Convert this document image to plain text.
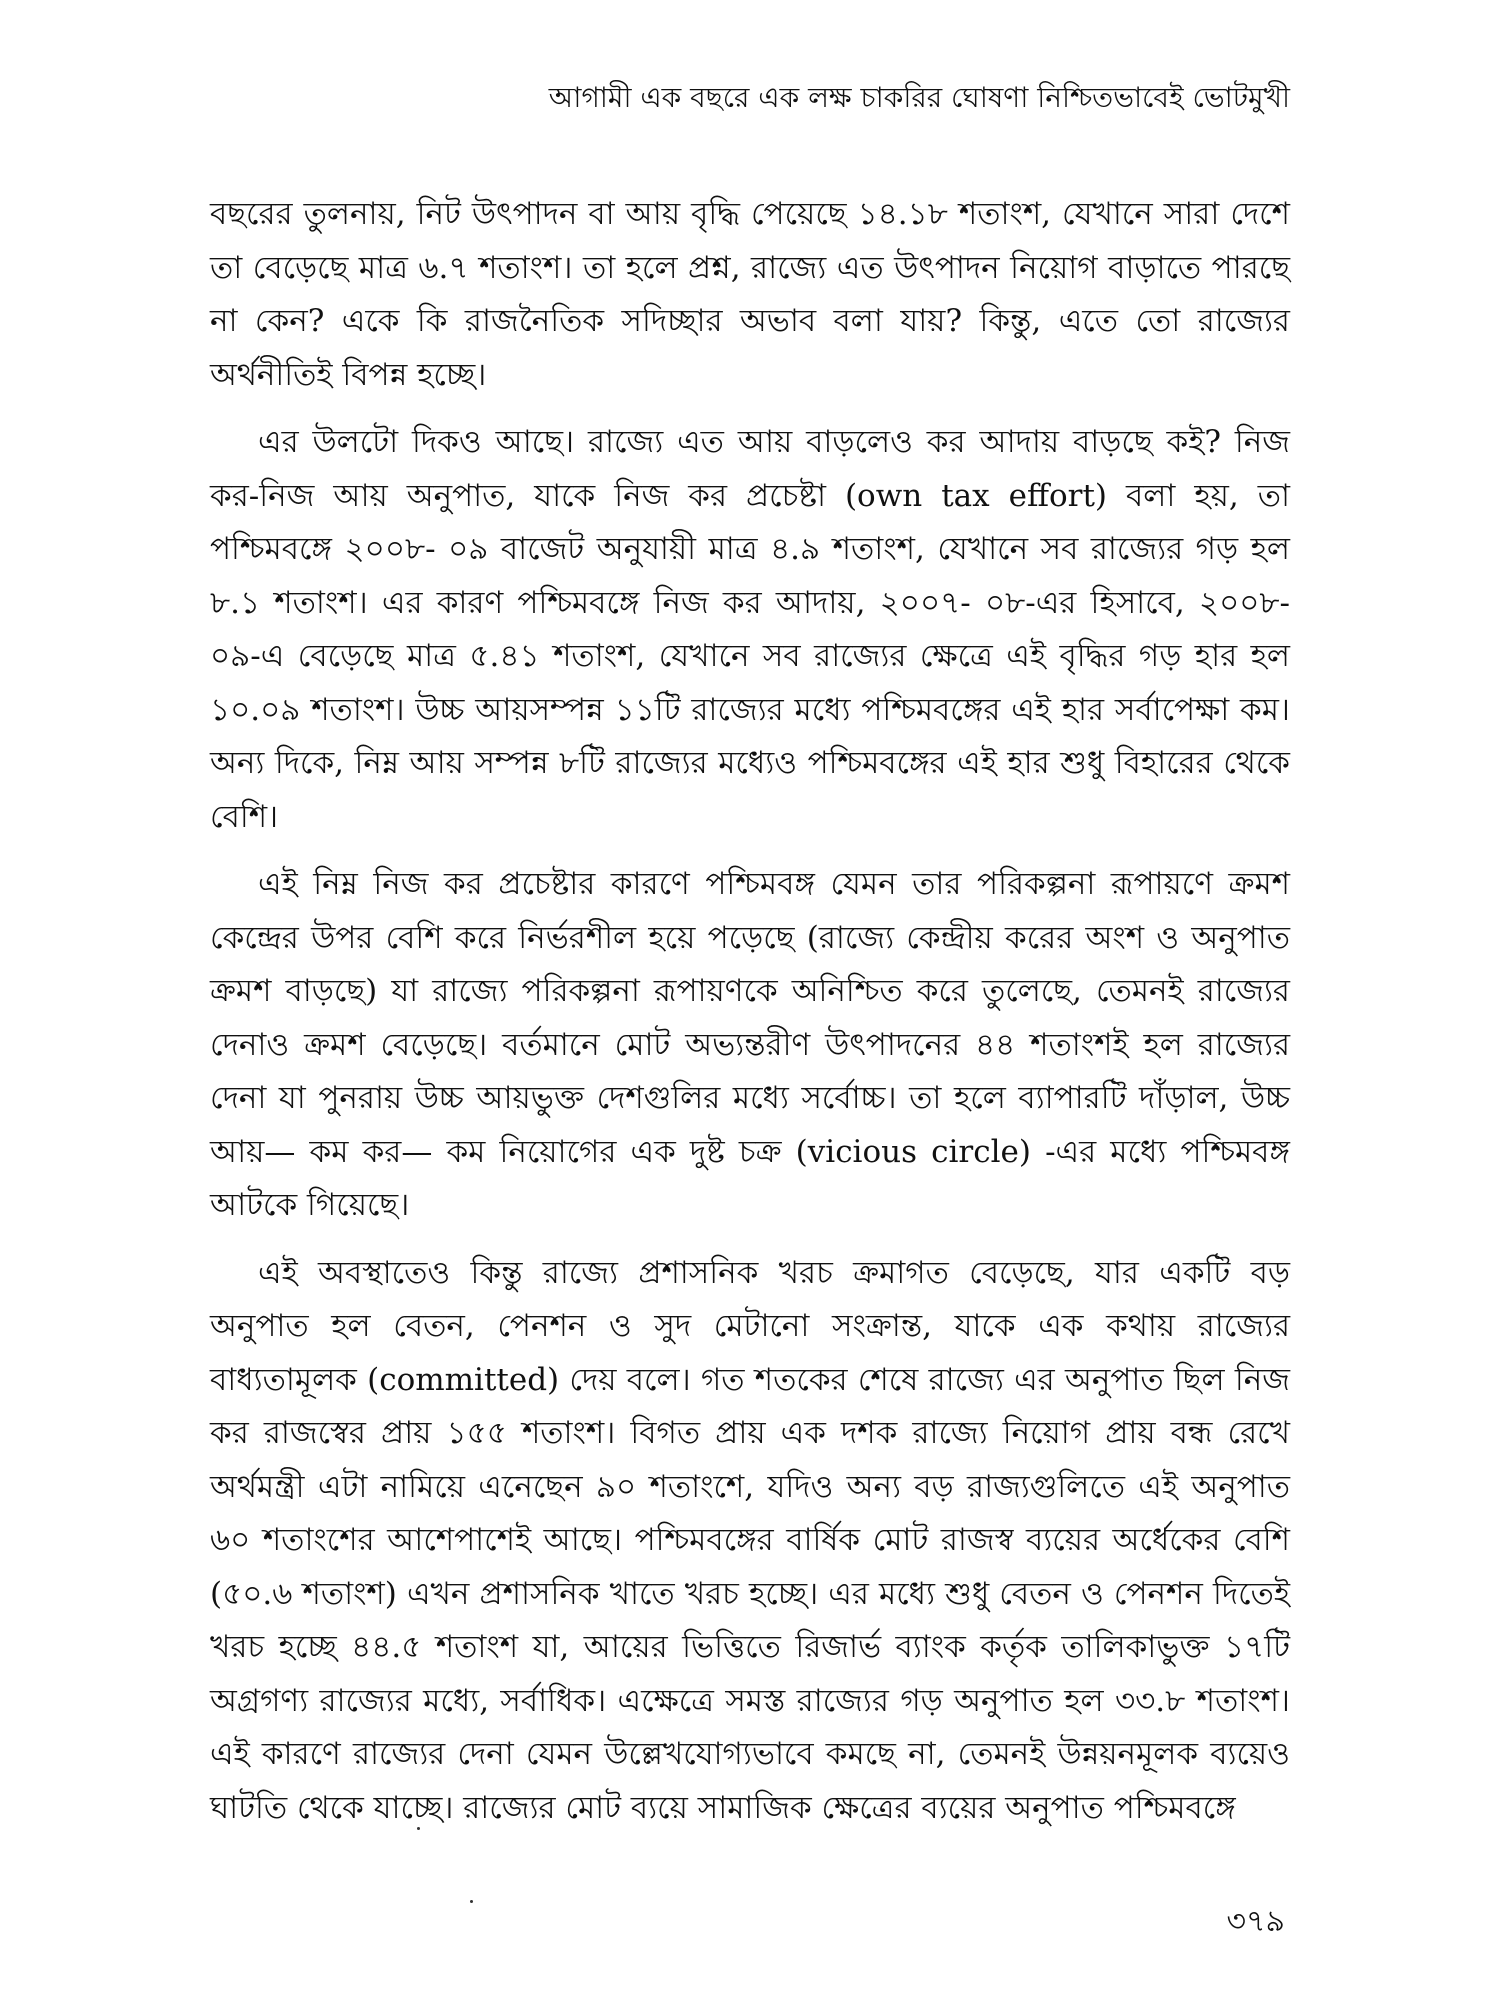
আগামী এক বছরে এক লক্ষ চাকরির ঘোষণা নিশ্চিতভাবেই ভোটমুখী

বছরের তুলনায়, নিট উৎপাদন বা আয় বৃদ্ধি পেয়েছে ১৪.১৮ শতাংশ, যেখানে সারা দেশে তা বেড়েছে মাত্র ৬.৭ শতাংশ। তা হলে প্রশ্ন, রাজ্যে এত উৎপাদন নিয়োগ বাড়াতে পারছে না কেন? একে কি রাজনৈতিক সদিচ্ছার অভাব বলা যায়? কিন্তু, এতে তো রাজ্যের অর্থনীতিই বিপন্ন হচ্ছে।

এর উলটো দিকও আছে। রাজ্যে এত আয় বাড়লেও কর আদায় বাড়ছে কই? নিজ কর-নিজ আয় অনুপাত, যাকে নিজ কর প্রচেষ্টা (own tax effort) বলা হয়, তা পশ্চিমবঙ্গে ২০০৮- ০৯ বাজেট অনুযায়ী মাত্র ৪.৯ শতাংশ, যেখানে সব রাজ্যের গড় হল ৮.১ শতাংশ। এর কারণ পশ্চিমবঙ্গে নিজ কর আদায়, ২০০৭- ০৮-এর হিসাবে, ২০০৮- ০৯-এ বেড়েছে মাত্র ৫.৪১ শতাংশ, যেখানে সব রাজ্যের ক্ষেত্রে এই বৃদ্ধির গড় হার হল ১০.০৯ শতাংশ। উচ্চ আয়সম্পন্ন ১১টি রাজ্যের মধ্যে পশ্চিমবঙ্গের এই হার সর্বাপেক্ষা কম। অন্য দিকে, নিম্ন আয় সম্পন্ন ৮টি রাজ্যের মধ্যেও পশ্চিমবঙ্গের এই হার শুধু বিহারের থেকে বেশি।

এই নিম্ন নিজ কর প্রচেষ্টার কারণে পশ্চিমবঙ্গ যেমন তার পরিকল্পনা রূপায়ণে ক্রমশ কেন্দ্রের উপর বেশি করে নির্ভরশীল হয়ে পড়েছে (রাজ্যে কেন্দ্রীয় করের অংশ ও অনুপাত ক্রমশ বাড়ছে) যা রাজ্যে পরিকল্পনা রূপায়ণকে অনিশ্চিত করে তুলেছে, তেমনই রাজ্যের দেনাও ক্রমশ বেড়েছে। বর্তমানে মোট অভ্যন্তরীণ উৎপাদনের ৪৪ শতাংশই হল রাজ্যের দেনা যা পুনরায় উচ্চ আয়ভুক্ত দেশগুলির মধ্যে সর্বোচ্চ। তা হলে ব্যাপারটি দাঁড়াল, উচ্চ আয়— কম কর— কম নিয়োগের এক দুষ্ট চক্র (vicious circle) -এর মধ্যে পশ্চিমবঙ্গ আটকে গিয়েছে।

এই অবস্থাতেও কিন্তু রাজ্যে প্রশাসনিক খরচ ক্রমাগত বেড়েছে, যার একটি বড় অনুপাত হল বেতন, পেনশন ও সুদ মেটানো সংক্রান্ত, যাকে এক কথায় রাজ্যের বাধ্যতামূলক (committed) দেয় বলে। গত শতকের শেষে রাজ্যে এর অনুপাত ছিল নিজ কর রাজস্বের প্রায় ১৫৫ শতাংশ। বিগত প্রায় এক দশক রাজ্যে নিয়োগ প্রায় বন্ধ রেখে অর্থমন্ত্রী এটা নামিয়ে এনেছেন ৯০ শতাংশে, যদিও অন্য বড় রাজ্যগুলিতে এই অনুপাত ৬০ শতাংশের আশেপাশেই আছে। পশ্চিমবঙ্গের বার্ষিক মোট রাজস্ব ব্যয়ের অর্ধেকের বেশি (৫০.৬ শতাংশ) এখন প্রশাসনিক খাতে খরচ হচ্ছে। এর মধ্যে শুধু বেতন ও পেনশন দিতেই খরচ হচ্ছে ৪৪.৫ শতাংশ যা, আয়ের ভিত্তিতে রিজার্ভ ব্যাংক কর্তৃক তালিকাভুক্ত ১৭টি অগ্রগণ্য রাজ্যের মধ্যে, সর্বাধিক। এক্ষেত্রে সমস্ত রাজ্যের গড় অনুপাত হল ৩৩.৮ শতাংশ। এই কারণে রাজ্যের দেনা যেমন উল্লেখযোগ্যভাবে কমছে না, তেমনই উন্নয়নমূলক ব্যয়েও ঘাটতি থেকে যাচ্ছে। রাজ্যের মোট ব্যয়ে সামাজিক ক্ষেত্রের ব্যয়ের অনুপাত পশ্চিমবঙ্গে

৩৭৯
